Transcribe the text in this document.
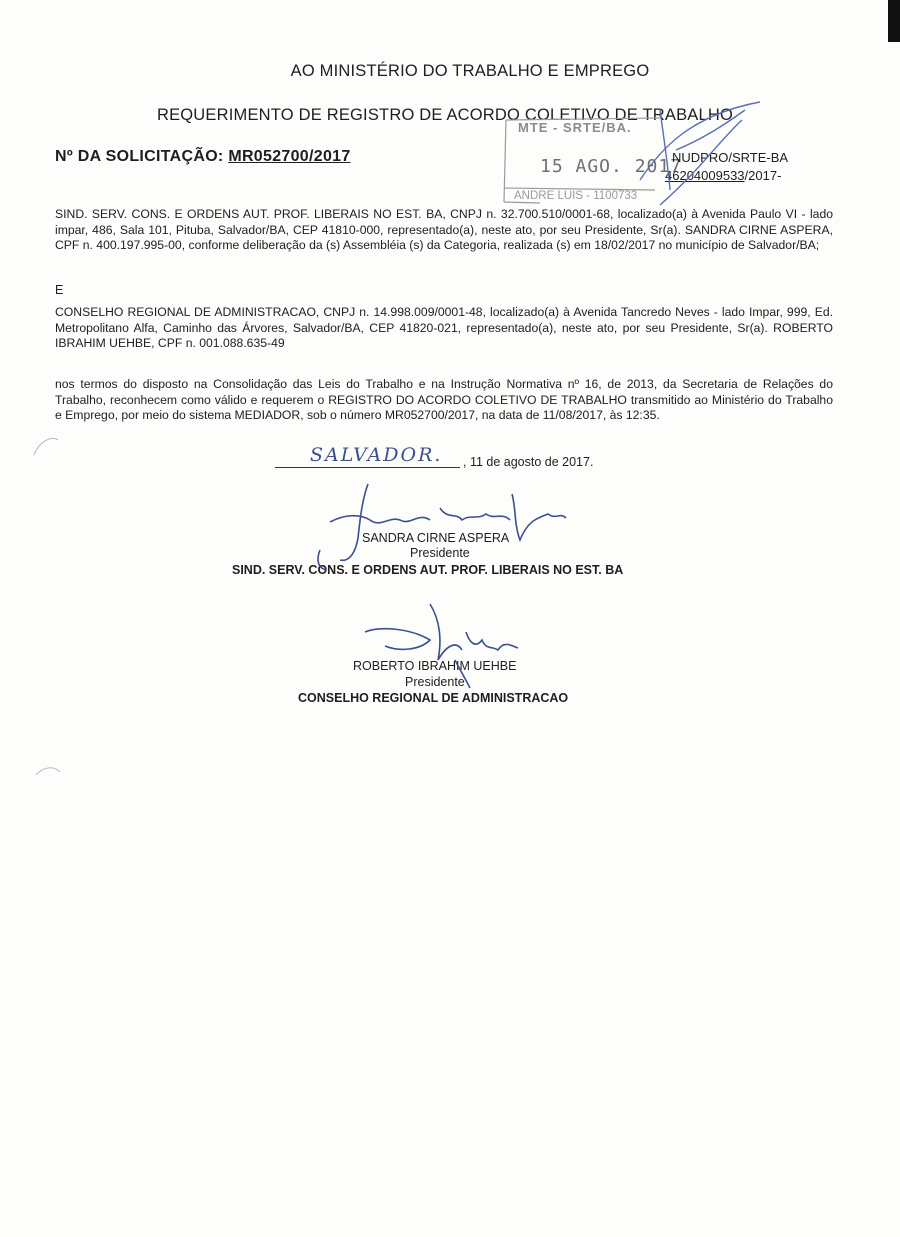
AO MINISTÉRIO DO TRABALHO E EMPREGO
REQUERIMENTO DE REGISTRO DE ACORDO COLETIVO DE TRABALHO
Nº DA SOLICITAÇÃO: MR052700/2017
MTE - SRTE/BA.
15 AGO. 2017
ANDRE LUIS - 1100733
NUDPRO/SRTE-BA
46204009533/2017-
SIND. SERV. CONS. E ORDENS AUT. PROF. LIBERAIS NO EST. BA, CNPJ n. 32.700.510/0001-68, localizado(a) à Avenida Paulo VI - lado impar, 486, Sala 101, Pituba, Salvador/BA, CEP 41810-000, representado(a), neste ato, por seu Presidente, Sr(a). SANDRA CIRNE ASPERA, CPF n. 400.197.995-00, conforme deliberação da (s) Assembléia (s) da Categoria, realizada (s) em 18/02/2017 no município de Salvador/BA;
E
CONSELHO REGIONAL DE ADMINISTRACAO, CNPJ n. 14.998.009/0001-48, localizado(a) à Avenida Tancredo Neves - lado Impar, 999, Ed. Metropolitano Alfa, Caminho das Árvores, Salvador/BA, CEP 41820-021, representado(a), neste ato, por seu Presidente, Sr(a). ROBERTO IBRAHIM UEHBE, CPF n. 001.088.635-49
nos termos do disposto na Consolidação das Leis do Trabalho e na Instrução Normativa nº 16, de 2013, da Secretaria de Relações do Trabalho, reconhecem como válido e requerem o REGISTRO DO ACORDO COLETIVO DE TRABALHO transmitido ao Ministério do Trabalho e Emprego, por meio do sistema MEDIADOR, sob o número MR052700/2017, na data de 11/08/2017, às 12:35.
SALVADOR. , 11 de agosto de 2017.
SANDRA CIRNE ASPERA
Presidente
SIND. SERV. CONS. E ORDENS AUT. PROF. LIBERAIS NO EST. BA
ROBERTO IBRAHIM UEHBE
Presidente
CONSELHO REGIONAL DE ADMINISTRACAO
